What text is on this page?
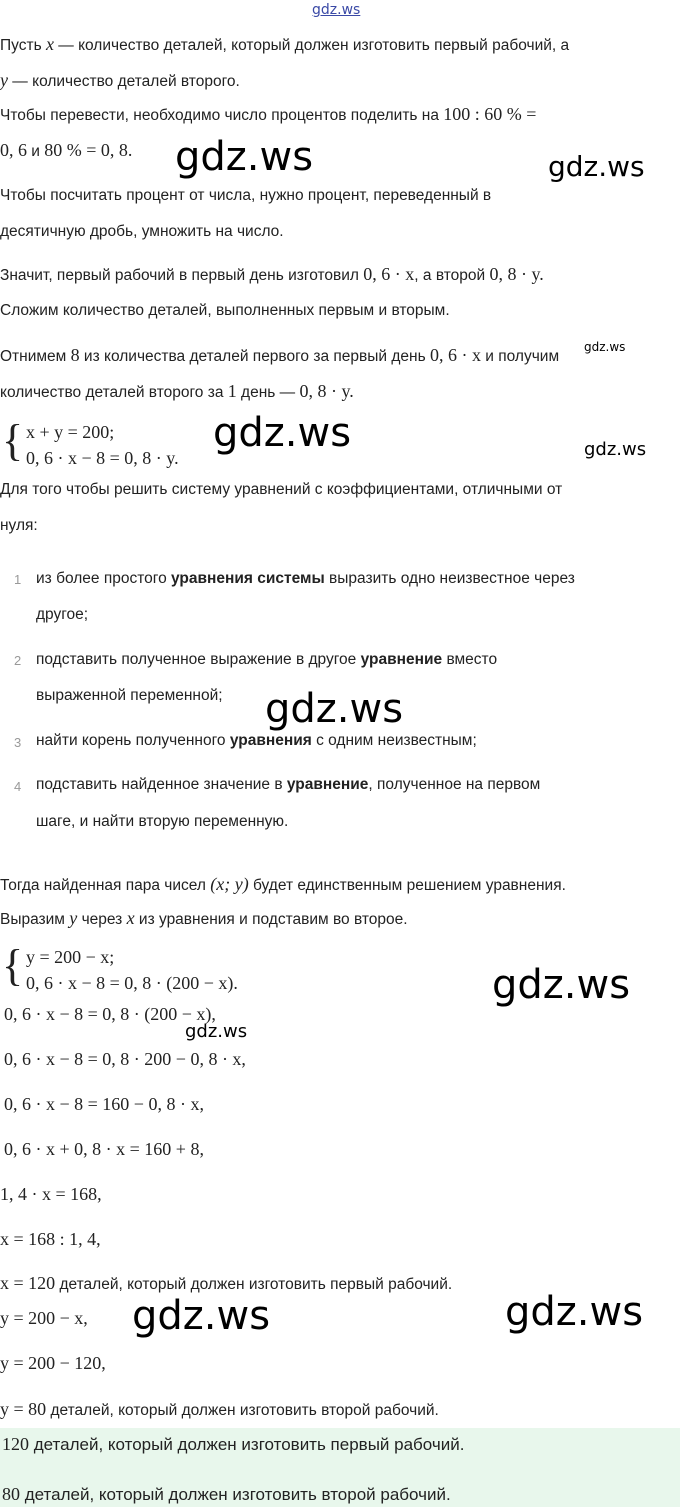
gdz.ws
Пусть x — количество деталей, который должен изготовить первый рабочий, а
y — количество деталей второго.
Чтобы перевести, необходимо число процентов поделить на 100 : 60 % =
0, 6 и 80 % = 0, 8.
Чтобы посчитать процент от числа, нужно процент, переведенный в
десятичную дробь, умножить на число.
Значит, первый рабочий в первый день изготовил 0, 6 · x, а второй 0, 8 · y.
Сложим количество деталей, выполненных первым и вторым.
Отнимем 8 из количества деталей первого за первый день 0, 6 · x и получим
количество деталей второго за 1 день — 0, 8 · y.
{ x + y = 200;
0, 6 · x − 8 = 0, 8 · y.
Для того чтобы решить систему уравнений с коэффициентами, отличными от
нуля:
1 из более простого уравнения системы выразить одно неизвестное через
другое;
2 подставить полученное выражение в другое уравнение вместо
выраженной переменной;
3 найти корень полученного уравнения с одним неизвестным;
4 подставить найденное значение в уравнение, полученное на первом
шаге, и найти вторую переменную.
Тогда найденная пара чисел (x; y) будет единственным решением уравнения.
Выразим y через x из уравнения и подставим во второе.
{ y = 200 − x;
0, 6 · x − 8 = 0, 8 · (200 − x).
0, 6 · x − 8 = 0, 8 · (200 − x),
0, 6 · x − 8 = 0, 8 · 200 − 0, 8 · x,
0, 6 · x − 8 = 160 − 0, 8 · x,
0, 6 · x + 0, 8 · x = 160 + 8,
1, 4 · x = 168,
x = 168 : 1, 4,
x = 120 деталей, который должен изготовить первый рабочий.
y = 200 − x,
y = 200 − 120,
y = 80 деталей, который должен изготовить второй рабочий.
120 деталей, который должен изготовить первый рабочий.
80 деталей, который должен изготовить второй рабочий.
gdz.ws	gdz.ws
gdz.ws
gdz.ws	gdz.ws
gdz.ws
gdz.ws
gdz.ws
gdz.ws	gdz.ws
